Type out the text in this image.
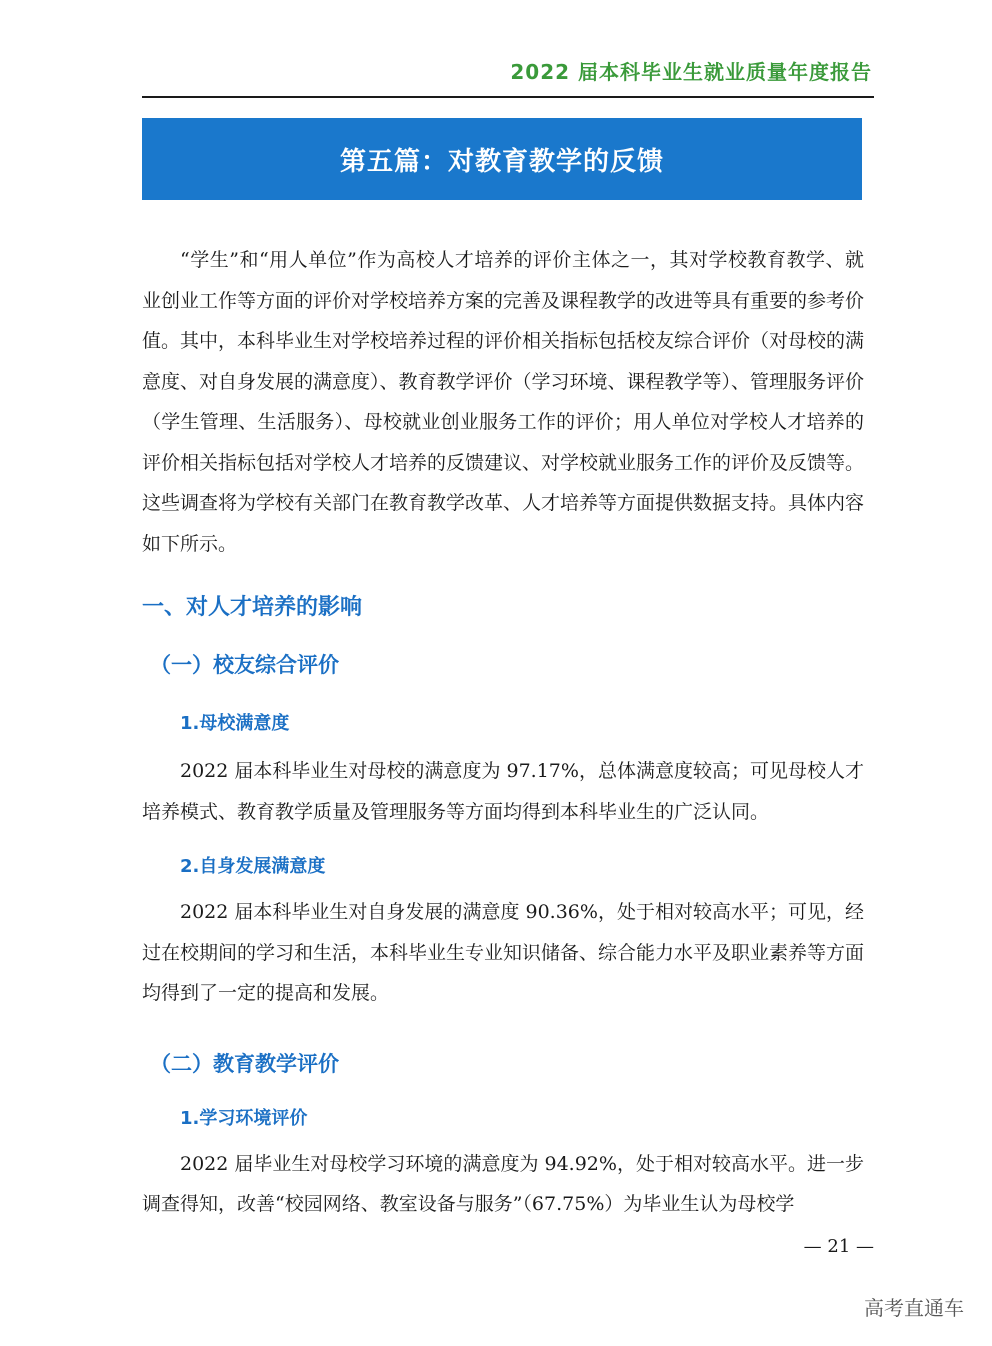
2022 届本科毕业生就业质量年度报告
第五篇：对教育教学的反馈

“学生”和“用人单位”作为高校人才培养的评价主体之一，其对学校教育教学、就业创业工作等方面的评价对学校培养方案的完善及课程教学的改进等具有重要的参考价值。其中，本科毕业生对学校培养过程的评价相关指标包括校友综合评价（对母校的满意度、对自身发展的满意度）、教育教学评价（学习环境、课程教学等）、管理服务评价（学生管理、生活服务）、母校就业创业服务工作的评价；用人单位对学校人才培养的评价相关指标包括对学校人才培养的反馈建议、对学校就业服务工作的评价及反馈等。这些调查将为学校有关部门在教育教学改革、人才培养等方面提供数据支持。具体内容如下所示。

一、对人才培养的影响
（一）校友综合评价
1.母校满意度

2022 届本科毕业生对母校的满意度为 97.17%，总体满意度较高；可见母校人才培养模式、教育教学质量及管理服务等方面均得到本科毕业生的广泛认同。

2.自身发展满意度

2022 届本科毕业生对自身发展的满意度 90.36%，处于相对较高水平；可见，经过在校期间的学习和生活，本科毕业生专业知识储备、综合能力水平及职业素养等方面均得到了一定的提高和发展。

（二）教育教学评价
1.学习环境评价

2022 届毕业生对母校学习环境的满意度为 94.92%，处于相对较高水平。进一步调查得知，改善“校园网络、教室设备与服务”（67.75%）为毕业生认为母校学

— 21 —
高考直通车
